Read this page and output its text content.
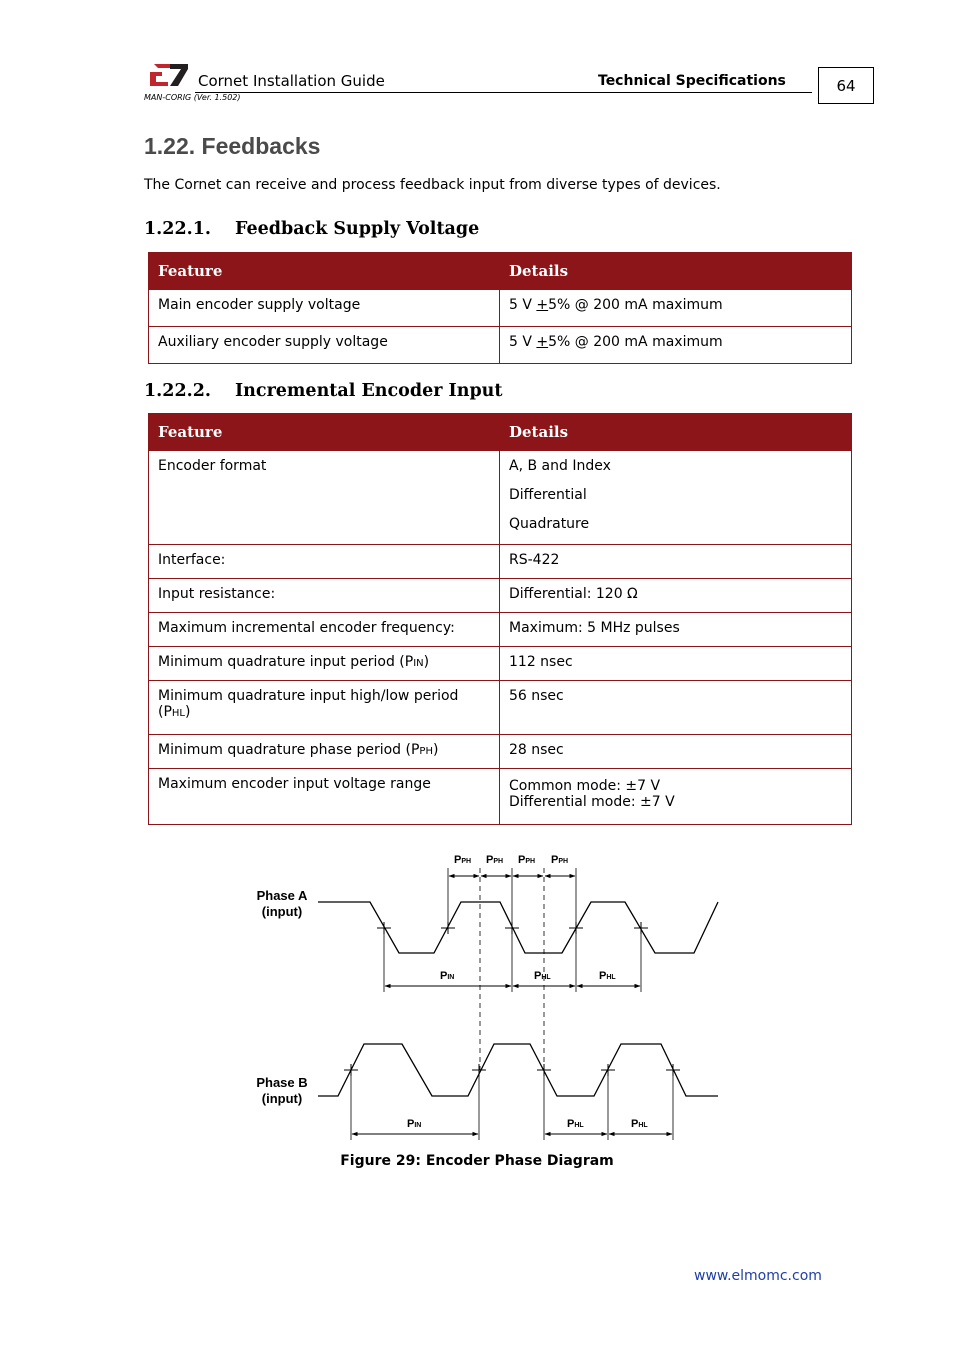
Cornet Installation Guide
MAN-CORIG (Ver. 1.502)
Technical Specifications	64
1.22. Feedbacks
The Cornet can receive and process feedback input from diverse types of devices.
1.22.1. Feedback Supply Voltage
Feature	Details
Main encoder supply voltage	5 V +5% @ 200 mA maximum
Auxiliary encoder supply voltage	5 V +5% @ 200 mA maximum
1.22.2. Incremental Encoder Input
Feature	Details
Encoder format	A, B and Index
Differential
Quadrature

Interface:	RS-422
Input resistance:	Differential: 120 Ω
Maximum incremental encoder frequency:	Maximum: 5 MHz pulses
Minimum quadrature input period (PIN)	112 nsec
Minimum quadrature input high/low period (PHL)	56 nsec
Minimum quadrature phase period (PPH)	28 nsec
Maximum encoder input voltage range	Common mode: ±7 V
Differential mode: ±7 V
Phase A
(input)
Phase B
(input)
PPH PPH PPH PPH
PIN	PHL	PHL
PIN	PHL	PHL
Figure 29: Encoder Phase Diagram
www.elmomc.com
